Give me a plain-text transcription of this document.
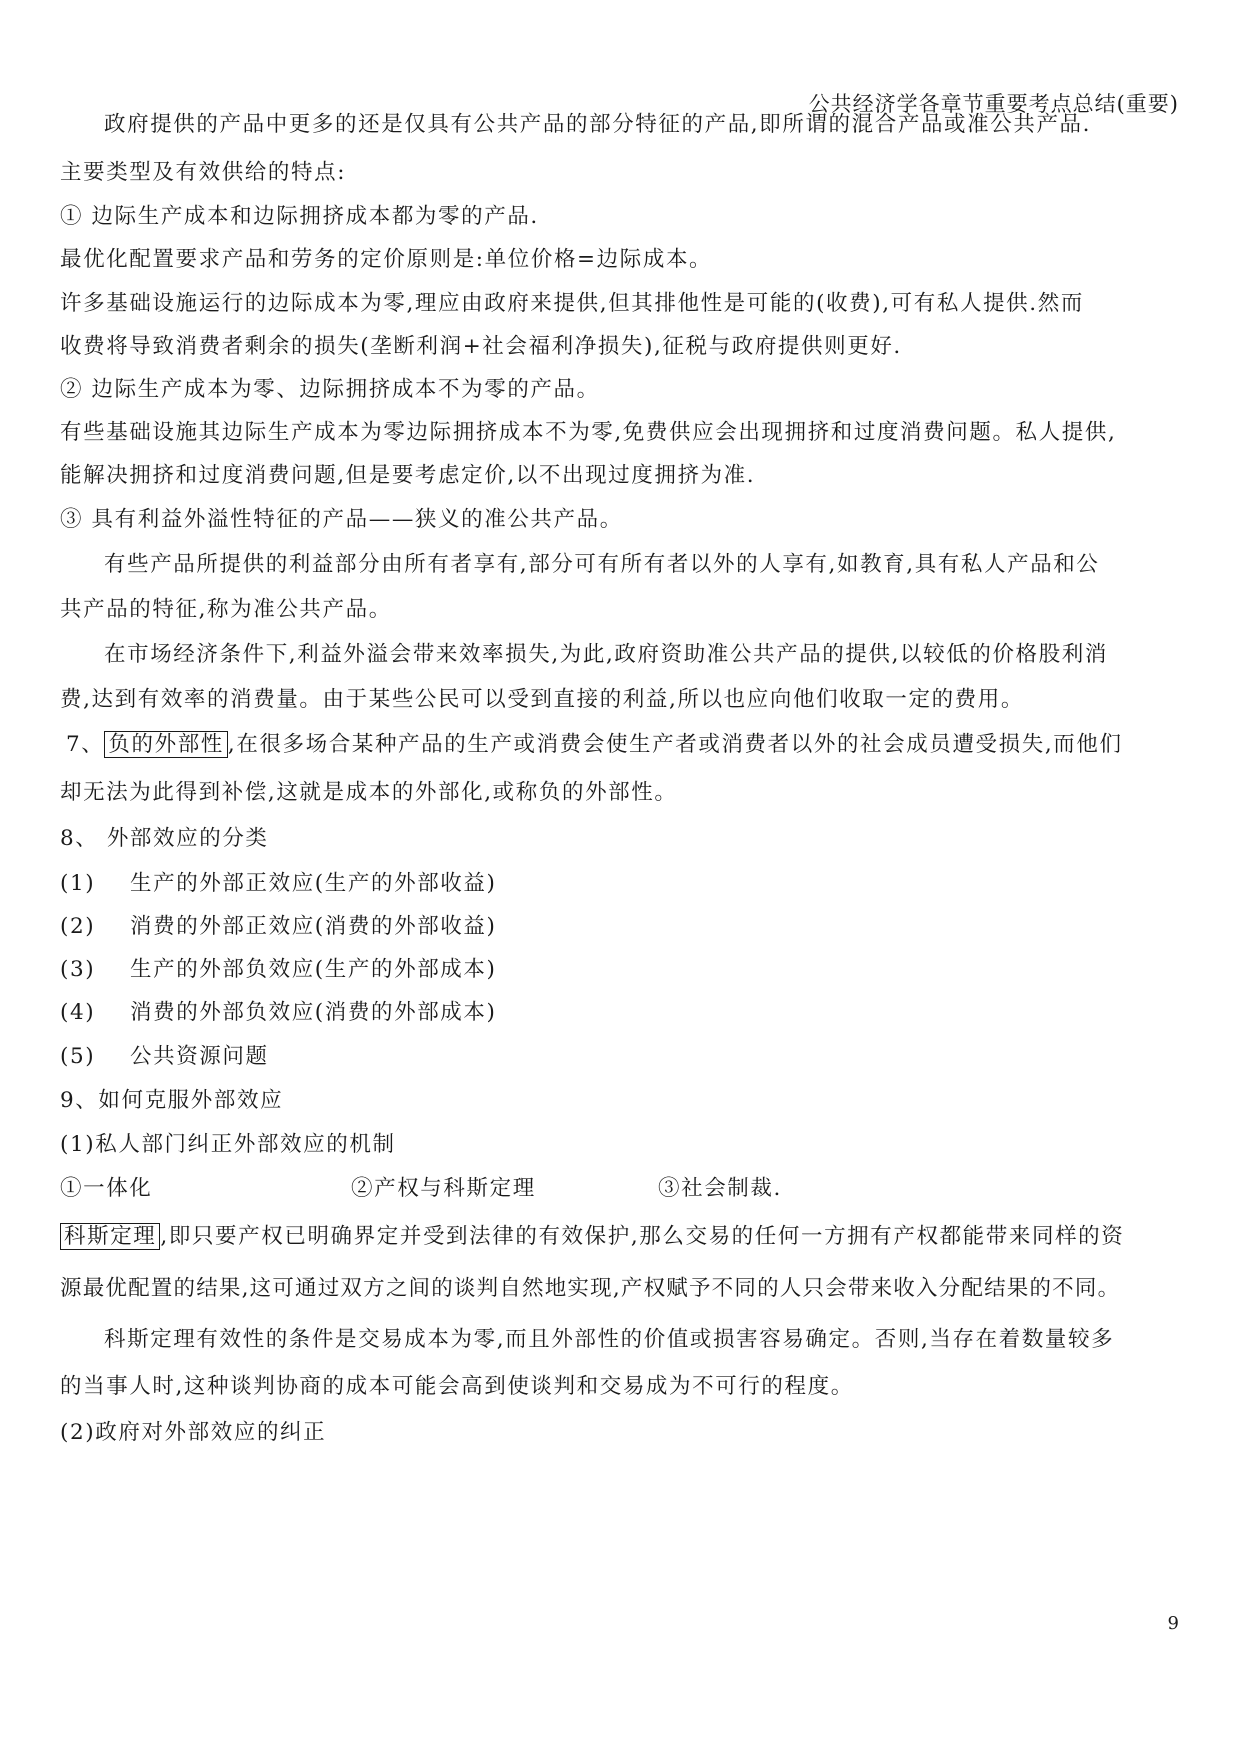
公共经济学各章节重要考点总结(重要)
政府提供的产品中更多的还是仅具有公共产品的部分特征的产品,即所谓的混合产品或准公共产品.
主要类型及有效供给的特点:
① 边际生产成本和边际拥挤成本都为零的产品.
最优化配置要求产品和劳务的定价原则是:单位价格=边际成本。
许多基础设施运行的边际成本为零,理应由政府来提供,但其排他性是可能的(收费),可有私人提供.然而
收费将导致消费者剩余的损失(垄断利润+社会福利净损失),征税与政府提供则更好.
② 边际生产成本为零、边际拥挤成本不为零的产品。
有些基础设施其边际生产成本为零边际拥挤成本不为零,免费供应会出现拥挤和过度消费问题。私人提供,
能解决拥挤和过度消费问题,但是要考虑定价,以不出现过度拥挤为准.
③ 具有利益外溢性特征的产品——狭义的准公共产品。
有些产品所提供的利益部分由所有者享有,部分可有所有者以外的人享有,如教育,具有私人产品和公
共产品的特征,称为准公共产品。
在市场经济条件下,利益外溢会带来效率损失,为此,政府资助准公共产品的提供,以较低的价格股利消
费,达到有效率的消费量。由于某些公民可以受到直接的利益,所以也应向他们收取一定的费用。
7、 负的外部性 ,在很多场合某种产品的生产或消费会使生产者或消费者以外的社会成员遭受损失,而他们
却无法为此得到补偿,这就是成本的外部化,或称负的外部性。
8、 外部效应的分类
(1) 生产的外部正效应(生产的外部收益)
(2) 消费的外部正效应(消费的外部收益)
(3) 生产的外部负效应(生产的外部成本)
(4) 消费的外部负效应(消费的外部成本)
(5) 公共资源问题
9、如何克服外部效应
(1)私人部门纠正外部效应的机制
①一体化	②产权与科斯定理	③社会制裁.
科斯定理 ,即只要产权已明确界定并受到法律的有效保护,那么交易的任何一方拥有产权都能带来同样的资
源最优配置的结果,这可通过双方之间的谈判自然地实现,产权赋予不同的人只会带来收入分配结果的不同。
科斯定理有效性的条件是交易成本为零,而且外部性的价值或损害容易确定。否则,当存在着数量较多
的当事人时,这种谈判协商的成本可能会高到使谈判和交易成为不可行的程度。
(2)政府对外部效应的纠正
9
